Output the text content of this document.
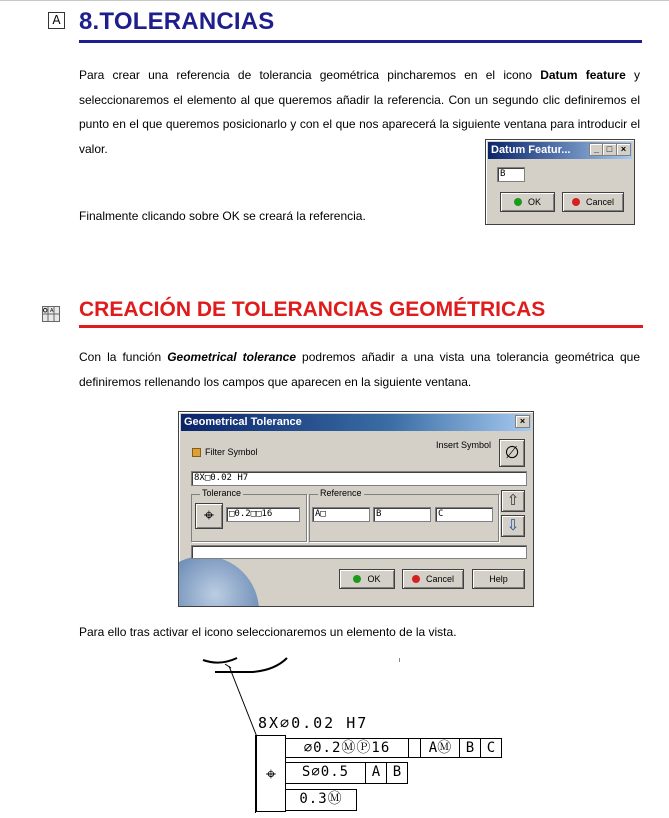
A 8.TOLERANCIAS
Para crear una referencia de tolerancia geométrica pincharemos en el icono Datum feature y seleccionaremos el elemento al que queremos añadir la referencia. Con un segundo clic definiremos el punto en el que queremos posicionarlo y con el que nos aparecerá la siguiente ventana para introducir el valor.
Finalmente clicando sobre OK se creará la referencia.
Datum Featur...	_ □ ×
B
OK	Cancel
A CREACIÓN DE TOLERANCIAS GEOMÉTRICAS
Con la función Geometrical tolerance podremos añadir a una vista una tolerancia geométrica que definiremos rellenando los campos que aparecen en la siguiente ventana.
Geometrical Tolerance	×
Filter Symbol
Insert Symbol ∅
8X□0.02 H7
Tolerance
⌖	□0.2□□16
Reference
A□	B	C
⇧
⇩
OK	Cancel	Help
Para ello tras activar el icono seleccionaremos un elemento de la vista.
8X∅0.02 H7
⌖
∅0.2ⓂⓅ16	AⓂ	B C
S∅0.5	A B
0.3Ⓜ
